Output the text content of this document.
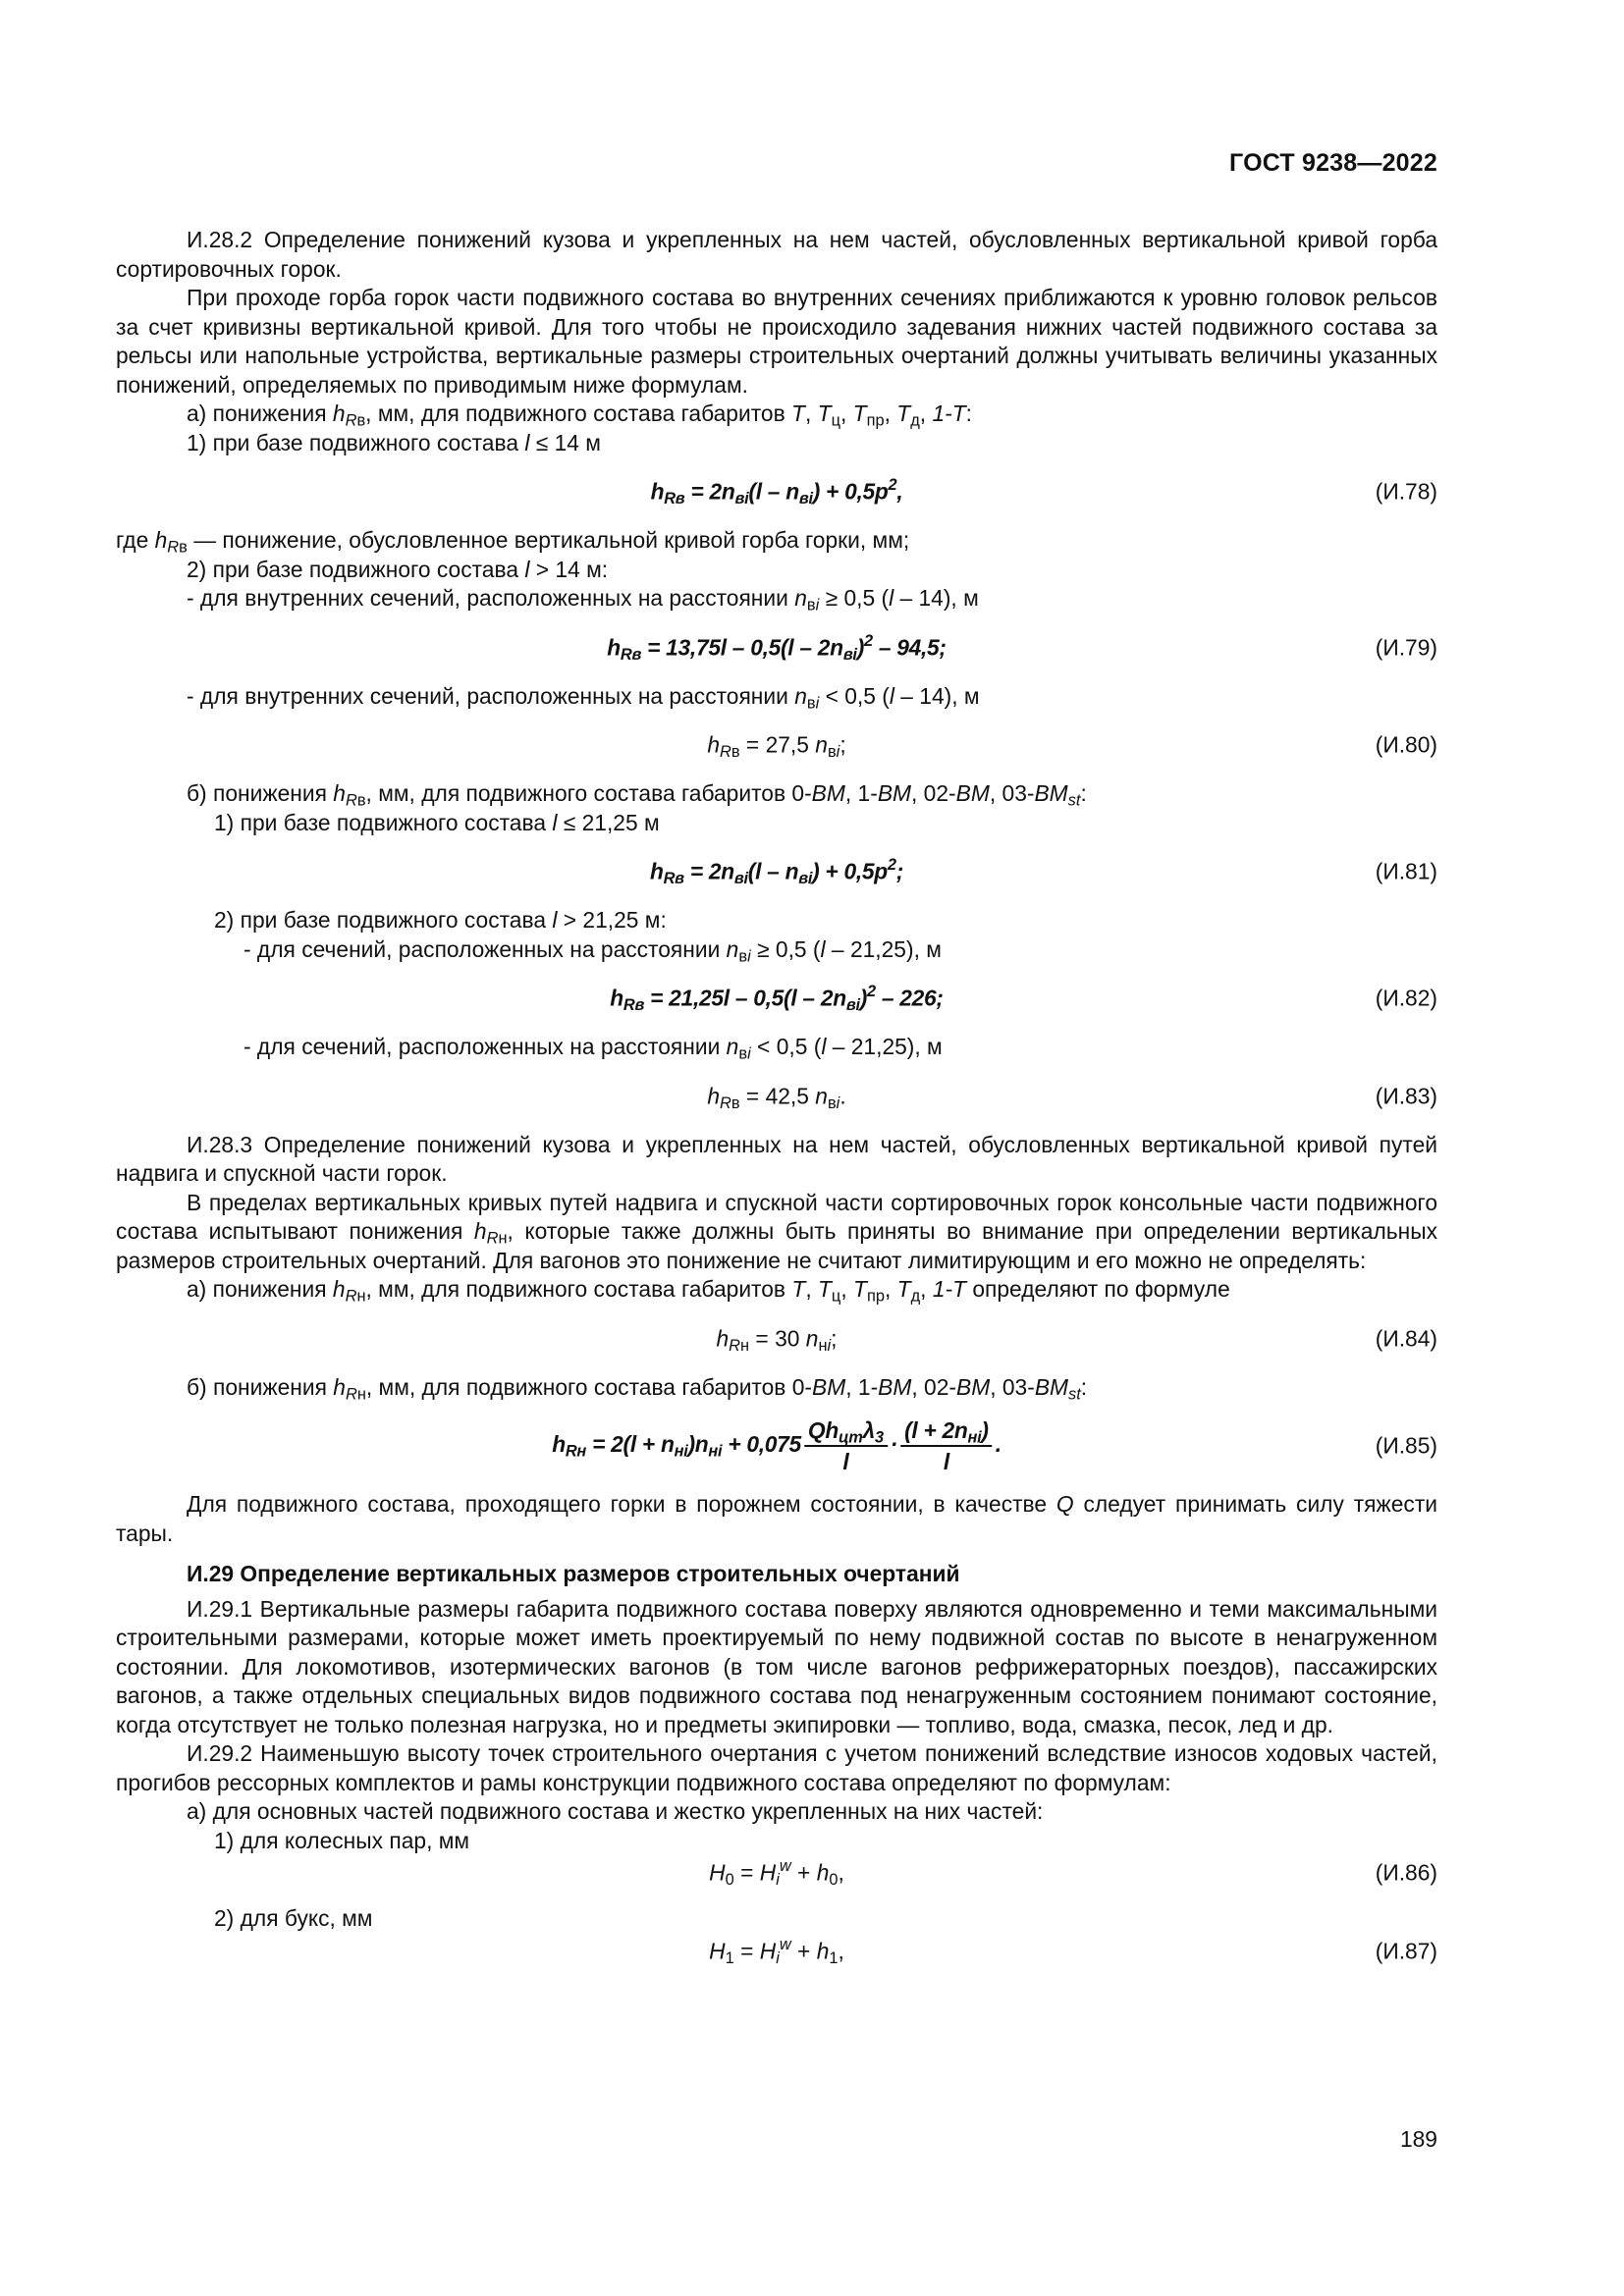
ГОСТ 9238—2022

И.28.2 Определение понижений кузова и укрепленных на нем частей, обусловленных вертикальной кривой горба сортировочных горок.

При проходе горба горок части подвижного состава во внутренних сечениях приближаются к уровню головок рельсов за счет кривизны вертикальной кривой. Для того чтобы не происходило задевания нижних частей подвижного состава за рельсы или напольные устройства, вертикальные размеры строительных очертаний должны учитывать величины указанных понижений, определяемых по приводимым ниже формулам.

а) понижения $h_{Rв}$, мм, для подвижного состава габаритов Т, $Т_ц$, $Т_{пр}$, $Т_д$, 1-Т:

1) при базе подвижного состава l ≤ 14 м

$h_{Rв} = 2n_{вi}(l - n_{вi}) + 0,5p^2$,	(И.78)

где $h_{Rв}$ — понижение, обусловленное вертикальной кривой горба горки, мм;

2) при базе подвижного состава l > 14 м:

- для внутренних сечений, расположенных на расстоянии $n_{вi} \ge 0,5$ (l – 14), м

$h_{Rв} = 13,75l - 0,5(l - 2n_{вi})^2 - 94,5$;	(И.79)

- для внутренних сечений, расположенных на расстоянии $n_{вi} < 0,5$ (l – 14), м

$h_{Rв} = 27,5$ $n_{вi}$;	(И.80)

б) понижения $h_{Rв}$, мм, для подвижного состава габаритов 0-ВМ, 1-ВМ, 02-ВМ, $03-ВМ_{st}$:

1) при базе подвижного состава l ≤ 21,25 м

$h_{Rв} = 2n_{вi}(l - n_{вi}) + 0,5p^2$;	(И.81)

2) при базе подвижного состава l > 21,25 м:

- для сечений, расположенных на расстоянии $n_{вi} \ge 0,5$ (l – 21,25), м

$h_{Rв} = 21,25l - 0,5(l - 2n_{вi})^2 - 226$;	(И.82)

- для сечений, расположенных на расстоянии $n_{вi} < 0,5$ (l – 21,25), м

$h_{Rв} = 42,5$ $n_{вi}$.	(И.83)

И.28.3 Определение понижений кузова и укрепленных на нем частей, обусловленных вертикальной кривой путей надвига и спускной части горок.

В пределах вертикальных кривых путей надвига и спускной части сортировочных горок консольные части подвижного состава испытывают понижения $h_{Rн}$, которые также должны быть приняты во внимание при определении вертикальных размеров строительных очертаний. Для вагонов это понижение не считают лимитирующим и его можно не определять:

а) понижения $h_{Rн}$, мм, для подвижного состава габаритов Т, $Т_ц$, $Т_{пр}$, $Т_д$, 1-Т определяют по формуле

$h_{Rн} = 30$ $n_{нi}$;	(И.84)

б) понижения $h_{Rн}$, мм, для подвижного состава габаритов 0-ВМ, 1-ВМ, 02-ВМ, $03-ВМ_{st}$:

$h_{Rн} = 2(l + n_{нi})n_{нi} + 0,075 \frac{Qh_{цт}\lambda_3}{l} \cdot \frac{(l + 2n_{нi})}{l}$ .	(И.85)

Для подвижного состава, проходящего горки в порожнем состоянии, в качестве Q следует принимать силу тяжести тары.

И.29 Определение вертикальных размеров строительных очертаний

И.29.1 Вертикальные размеры габарита подвижного состава поверху являются одновременно и теми максимальными строительными размерами, которые может иметь проектируемый по нему подвижной состав по высоте в ненагруженном состоянии. Для локомотивов, изотермических вагонов (в том числе вагонов рефрижераторных поездов), пассажирских вагонов, а также отдельных специальных видов подвижного состава под ненагруженным состоянием понимают состояние, когда отсутствует не только полезная нагрузка, но и предметы экипировки — топливо, вода, смазка, песок, лед и др.

И.29.2 Наименьшую высоту точек строительного очертания с учетом понижений вследствие износов ходовых частей, прогибов рессорных комплектов и рамы конструкции подвижного состава определяют по формулам:

а) для основных частей подвижного состава и жестко укрепленных на них частей:

1) для колесных пар, мм

$H_0 = H_i^w + h_0$,	(И.86)

2) для букс, мм

$H_1 = H_i^w + h_1$,	(И.87)
189
